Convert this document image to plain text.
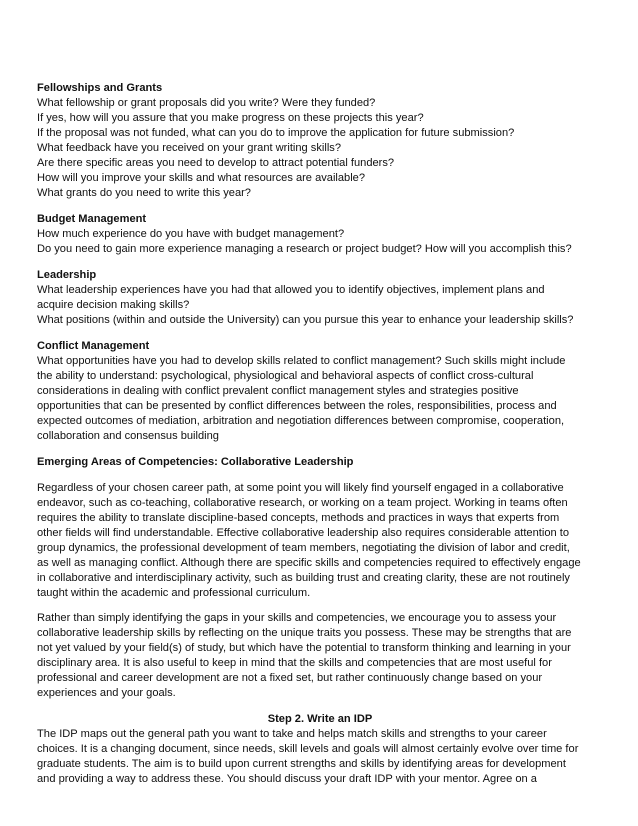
Fellowships and Grants
What fellowship or grant proposals did you write? Were they funded?
If yes, how will you assure that you make progress on these projects this year?
If the proposal was not funded, what can you do to improve the application for future submission?
What feedback have you received on your grant writing skills?
Are there specific areas you need to develop to attract potential funders?
How will you improve your skills and what resources are available?
What grants do you need to write this year?
Budget Management
How much experience do you have with budget management?
Do you need to gain more experience managing a research or project budget? How will you accomplish this?
Leadership
What leadership experiences have you had that allowed you to identify objectives, implement plans and
acquire decision making skills?
What positions (within and outside the University) can you pursue this year to enhance your leadership skills?
Conflict Management
What opportunities have you had to develop skills related to conflict management? Such skills might include
the ability to understand: psychological, physiological and behavioral aspects of conflict cross-cultural
considerations in dealing with conflict prevalent conflict management styles and strategies positive
opportunities that can be presented by conflict differences between the roles, responsibilities, process and
expected outcomes of mediation, arbitration and negotiation differences between compromise, cooperation,
collaboration and consensus building
Emerging Areas of Competencies: Collaborative Leadership
Regardless of your chosen career path, at some point you will likely find yourself engaged in a collaborative
endeavor, such as co-teaching, collaborative research, or working on a team project. Working in teams often
requires the ability to translate discipline-based concepts, methods and practices in ways that experts from
other fields will find understandable. Effective collaborative leadership also requires considerable attention to
group dynamics, the professional development of team members, negotiating the division of labor and credit,
as well as managing conflict. Although there are specific skills and competencies required to effectively engage
in collaborative and interdisciplinary activity, such as building trust and creating clarity, these are not routinely
taught within the academic and professional curriculum.
Rather than simply identifying the gaps in your skills and competencies, we encourage you to assess your
collaborative leadership skills by reflecting on the unique traits you possess. These may be strengths that are
not yet valued by your field(s) of study, but which have the potential to transform thinking and learning in your
disciplinary area. It is also useful to keep in mind that the skills and competencies that are most useful for
professional and career development are not a fixed set, but rather continuously change based on your
experiences and your goals.
Step 2. Write an IDP
The IDP maps out the general path you want to take and helps match skills and strengths to your career
choices. It is a changing document, since needs, skill levels and goals will almost certainly evolve over time for
graduate students. The aim is to build upon current strengths and skills by identifying areas for development
and providing a way to address these. You should discuss your draft IDP with your mentor. Agree on a
